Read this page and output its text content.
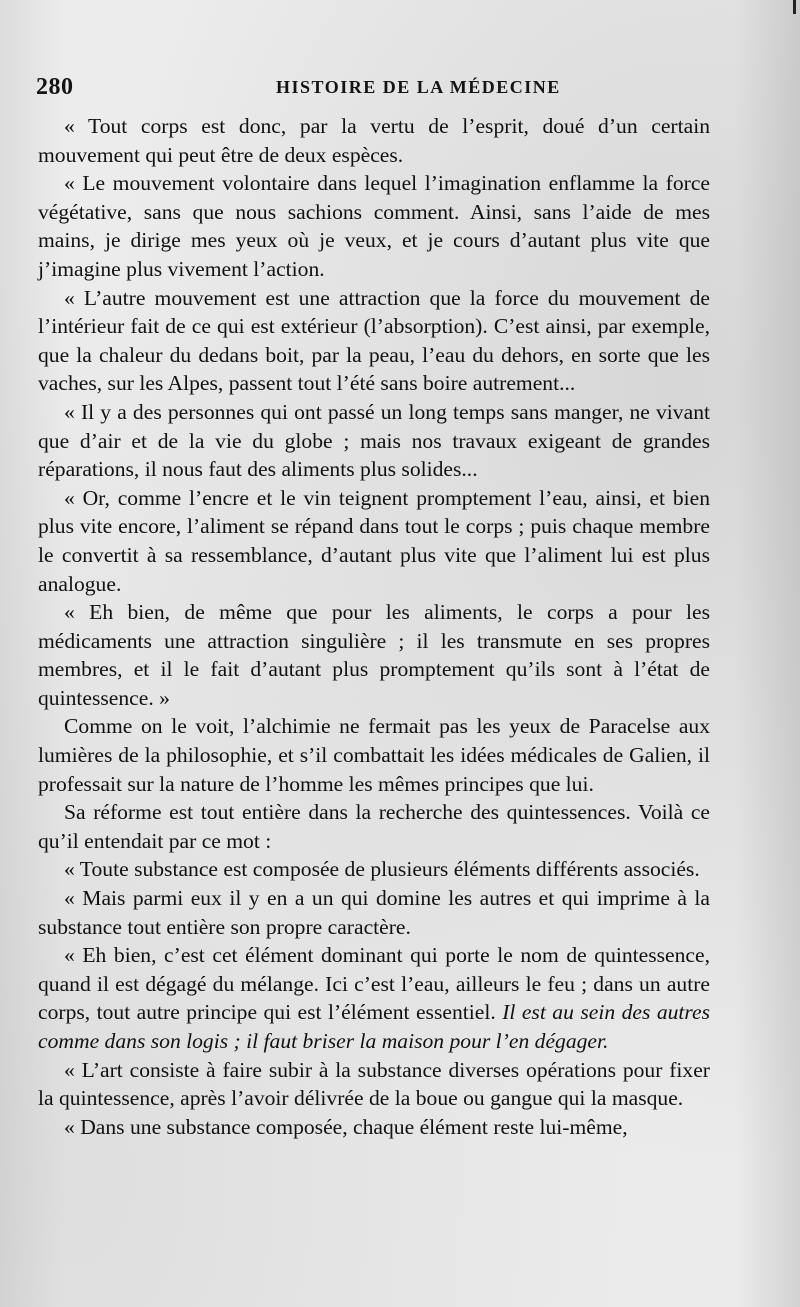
280	HISTOIRE DE LA MÉDECINE

« Tout corps est donc, par la vertu de l’esprit, doué d’un certain mouvement qui peut être de deux espèces.

« Le mouvement volontaire dans lequel l’imagination enflamme la force végétative, sans que nous sachions comment. Ainsi, sans l’aide de mes mains, je dirige mes yeux où je veux, et je cours d’autant plus vite que j’imagine plus vivement l’action.

« L’autre mouvement est une attraction que la force du mouvement de l’intérieur fait de ce qui est extérieur (l’absorption). C’est ainsi, par exemple, que la chaleur du dedans boit, par la peau, l’eau du dehors, en sorte que les vaches, sur les Alpes, passent tout l’été sans boire autrement...

« Il y a des personnes qui ont passé un long temps sans manger, ne vivant que d’air et de la vie du globe ; mais nos travaux exigeant de grandes réparations, il nous faut des aliments plus solides...

« Or, comme l’encre et le vin teignent promptement l’eau, ainsi, et bien plus vite encore, l’aliment se répand dans tout le corps ; puis chaque membre le convertit à sa ressemblance, d’autant plus vite que l’aliment lui est plus analogue.

« Eh bien, de même que pour les aliments, le corps a pour les médicaments une attraction singulière ; il les transmute en ses propres membres, et il le fait d’autant plus promptement qu’ils sont à l’état de quintessence. »

Comme on le voit, l’alchimie ne fermait pas les yeux de Paracelse aux lumières de la philosophie, et s’il combattait les idées médicales de Galien, il professait sur la nature de l’homme les mêmes principes que lui.

Sa réforme est tout entière dans la recherche des quintessences. Voilà ce qu’il entendait par ce mot :

« Toute substance est composée de plusieurs éléments différents associés.

« Mais parmi eux il y en a un qui domine les autres et qui imprime à la substance tout entière son propre caractère.

« Eh bien, c’est cet élément dominant qui porte le nom de quintessence, quand il est dégagé du mélange. Ici c’est l’eau, ailleurs le feu ; dans un autre corps, tout autre principe qui est l’élément essentiel. Il est au sein des autres comme dans son logis ; il faut briser la maison pour l’en dégager.

« L’art consiste à faire subir à la substance diverses opérations pour fixer la quintessence, après l’avoir délivrée de la boue ou gangue qui la masque.

« Dans une substance composée, chaque élément reste lui-même,
